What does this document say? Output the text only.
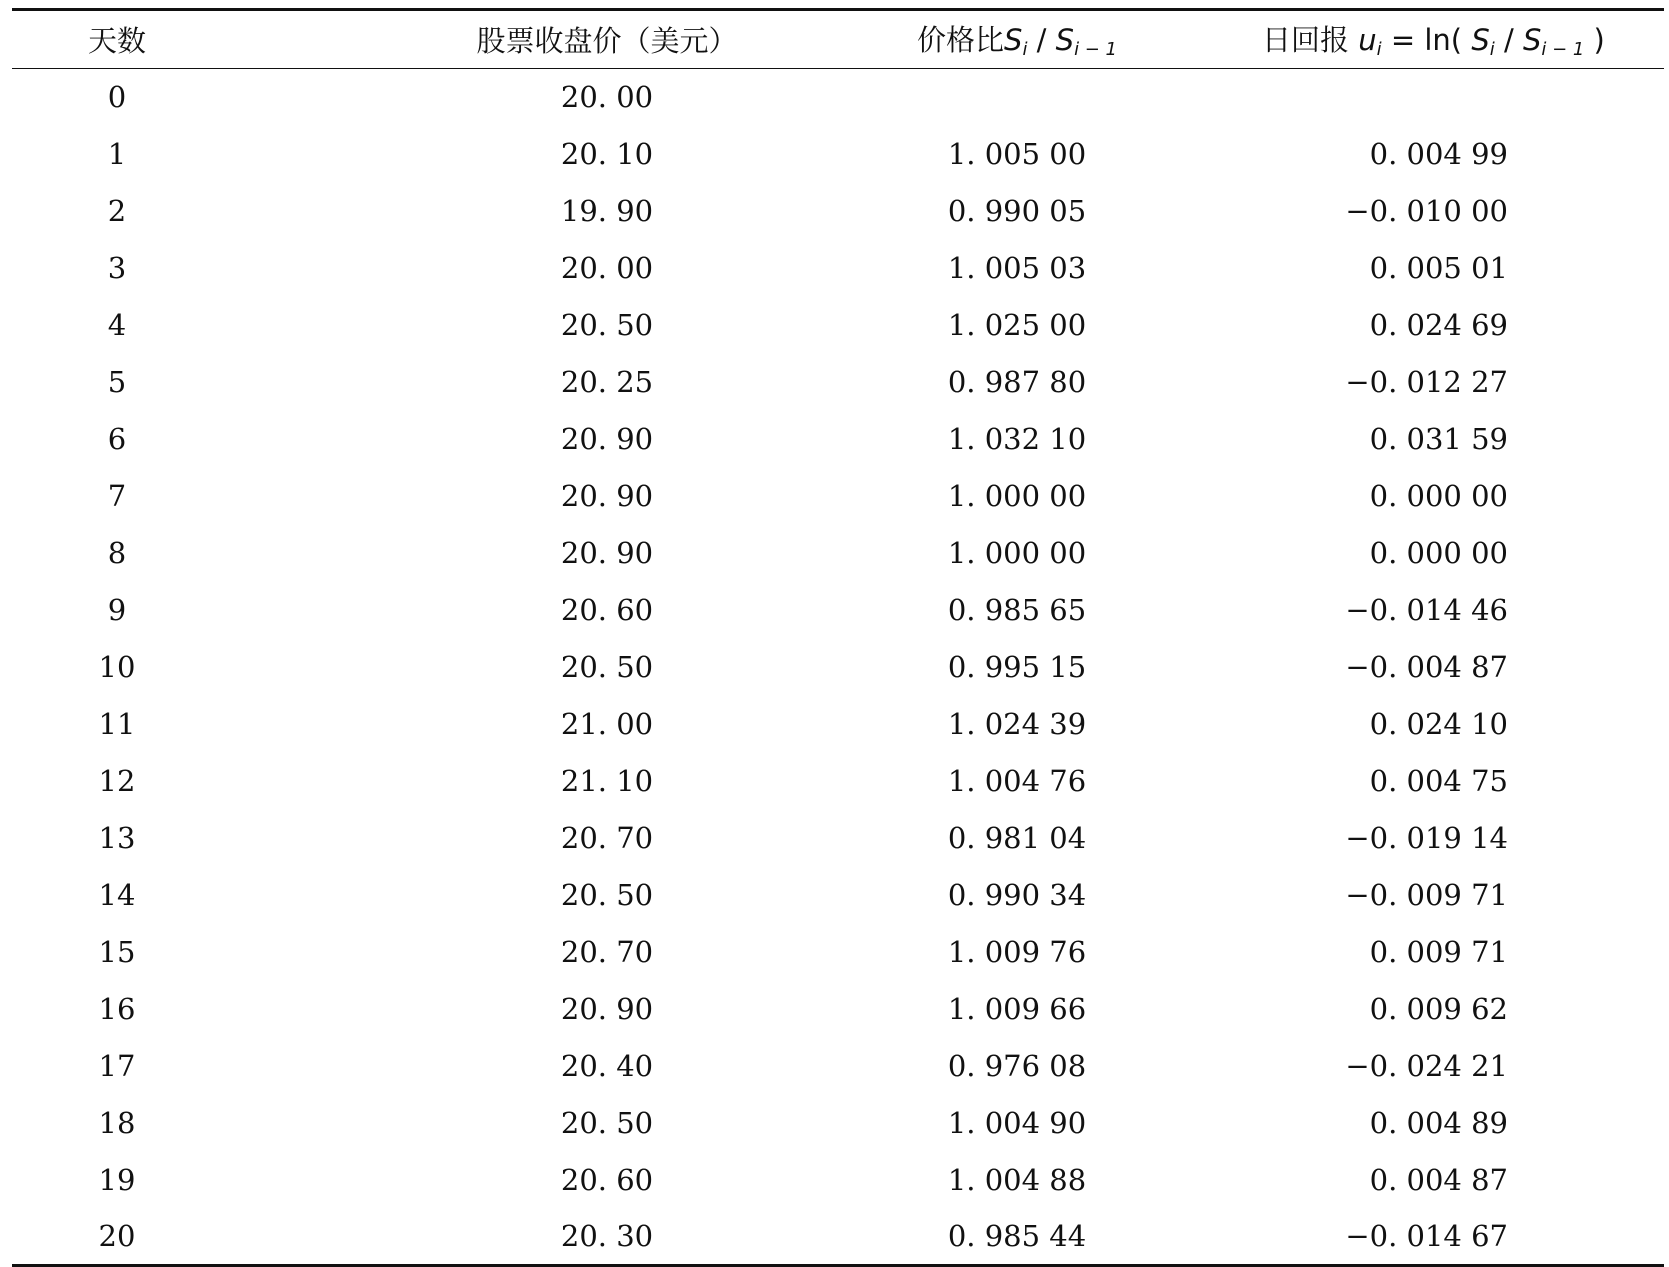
天数	股票收盘价（美元）	价格比$S_i / S_{i - 1}$	日回报 $u_i = \ln$( $S_i / S_{i - 1}$ )
0	20. 00		
1	20. 10	1. 005 00	0. 004 99
2	19. 90	0. 990 05	−0. 010 00
3	20. 00	1. 005 03	0. 005 01
4	20. 50	1. 025 00	0. 024 69
5	20. 25	0. 987 80	−0. 012 27
6	20. 90	1. 032 10	0. 031 59
7	20. 90	1. 000 00	0. 000 00
8	20. 90	1. 000 00	0. 000 00
9	20. 60	0. 985 65	−0. 014 46
10	20. 50	0. 995 15	−0. 004 87
11	21. 00	1. 024 39	0. 024 10
12	21. 10	1. 004 76	0. 004 75
13	20. 70	0. 981 04	−0. 019 14
14	20. 50	0. 990 34	−0. 009 71
15	20. 70	1. 009 76	0. 009 71
16	20. 90	1. 009 66	0. 009 62
17	20. 40	0. 976 08	−0. 024 21
18	20. 50	1. 004 90	0. 004 89
19	20. 60	1. 004 88	0. 004 87
20	20. 30	0. 985 44	−0. 014 67
